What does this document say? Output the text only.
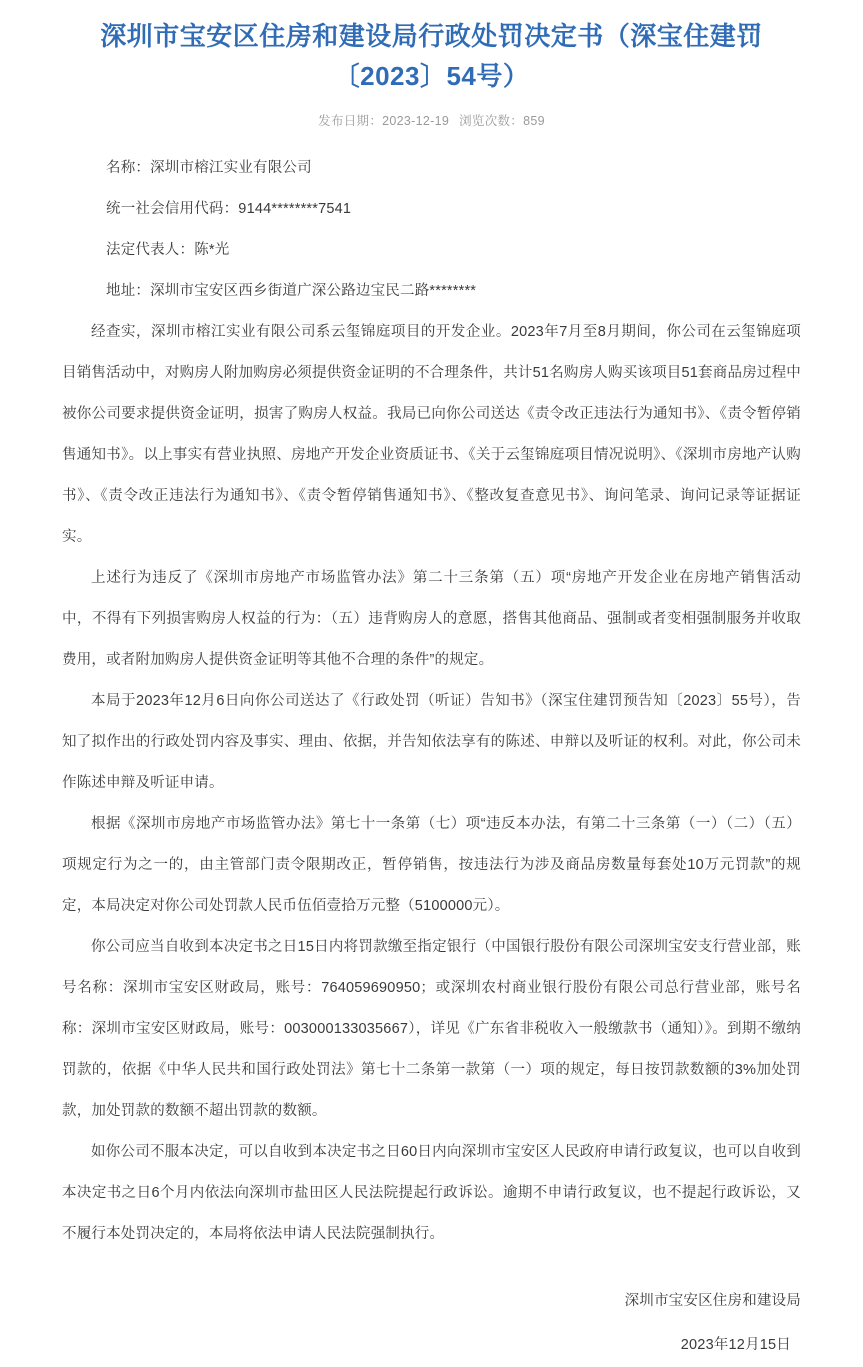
深圳市宝安区住房和建设局行政处罚决定书（深宝住建罚〔2023〕54号）
发布日期：2023-12-19 浏览次数：859

名称：深圳市榕江实业有限公司

统一社会信用代码：9144********7541

法定代表人：陈*光

地址：深圳市宝安区西乡街道广深公路边宝民二路********

经查实，深圳市榕江实业有限公司系云玺锦庭项目的开发企业。2023年7月至8月期间，你公司在云玺锦庭项目销售活动中，对购房人附加购房必须提供资金证明的不合理条件，共计51名购房人购买该项目51套商品房过程中被你公司要求提供资金证明，损害了购房人权益。我局已向你公司送达《责令改正违法行为通知书》、《责令暂停销售通知书》。以上事实有营业执照、房地产开发企业资质证书、《关于云玺锦庭项目情况说明》、《深圳市房地产认购书》、《责令改正违法行为通知书》、《责令暂停销售通知书》、《整改复查意见书》、询问笔录、询问记录等证据证实。

上述行为违反了《深圳市房地产市场监管办法》第二十三条第（五）项“房地产开发企业在房地产销售活动中，不得有下列损害购房人权益的行为：（五）违背购房人的意愿，搭售其他商品、强制或者变相强制服务并收取费用，或者附加购房人提供资金证明等其他不合理的条件”的规定。

本局于2023年12月6日向你公司送达了《行政处罚（听证）告知书》（深宝住建罚预告知〔2023〕55号），告知了拟作出的行政处罚内容及事实、理由、依据，并告知依法享有的陈述、申辩以及听证的权利。对此，你公司未作陈述申辩及听证申请。

根据《深圳市房地产市场监管办法》第七十一条第（七）项“违反本办法，有第二十三条第（一）（二）（五）项规定行为之一的，由主管部门责令限期改正，暂停销售，按违法行为涉及商品房数量每套处10万元罚款”的规定，本局决定对你公司处罚款人民币伍佰壹拾万元整（5100000元）。

你公司应当自收到本决定书之日15日内将罚款缴至指定银行（中国银行股份有限公司深圳宝安支行营业部，账号名称：深圳市宝安区财政局，账号：764059690950；或深圳农村商业银行股份有限公司总行营业部，账号名称：深圳市宝安区财政局，账号：003000133035667），详见《广东省非税收入一般缴款书（通知）》。到期不缴纳罚款的，依据《中华人民共和国行政处罚法》第七十二条第一款第（一）项的规定，每日按罚款数额的3%加处罚款，加处罚款的数额不超出罚款的数额。

如你公司不服本决定，可以自收到本决定书之日60日内向深圳市宝安区人民政府申请行政复议，也可以自收到本决定书之日6个月内依法向深圳市盐田区人民法院提起行政诉讼。逾期不申请行政复议，也不提起行政诉讼，又不履行本处罚决定的，本局将依法申请人民法院强制执行。

深圳市宝安区住房和建设局

2023年12月15日
